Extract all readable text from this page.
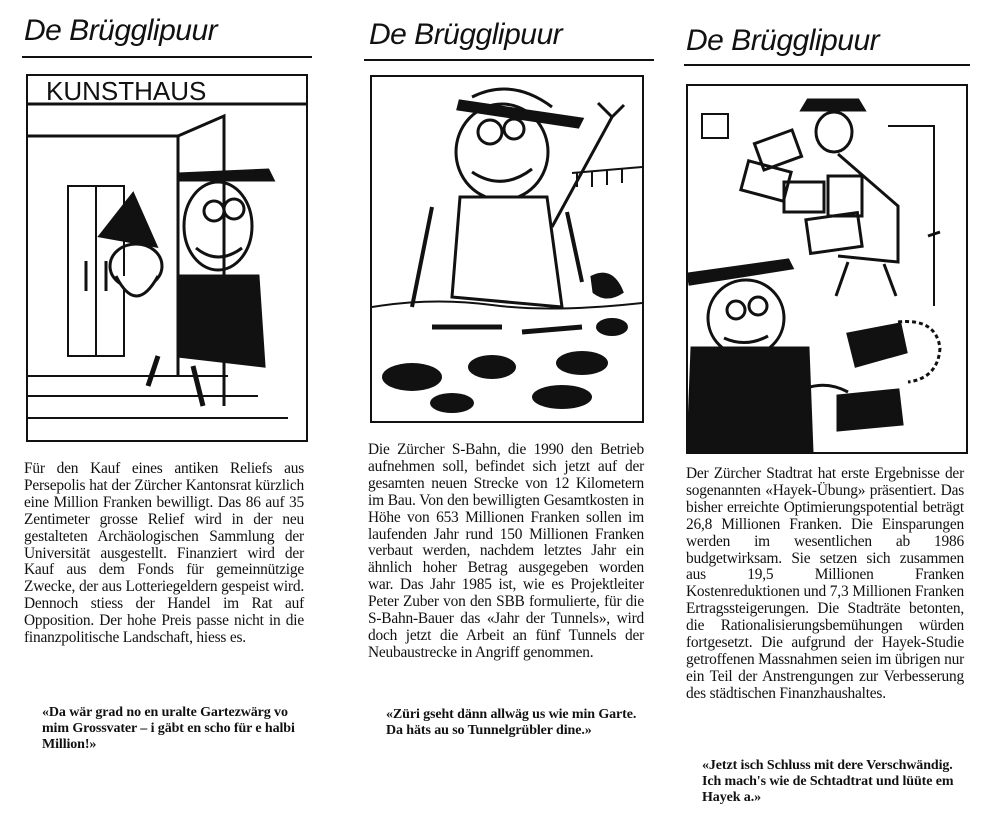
De Brügglipuur
KUNSTHAUS

Für den Kauf eines antiken Reliefs aus Persepolis hat der Zürcher Kantonsrat kürzlich eine Million Franken bewilligt. Das 86 auf 35 Zentimeter grosse Relief wird in der neu gestalteten Archäologischen Sammlung der Universität ausgestellt. Finanziert wird der Kauf aus dem Fonds für gemeinnützige Zwecke, der aus Lotteriegeldern gespeist wird. Dennoch stiess der Handel im Rat auf Opposition. Der hohe Preis passe nicht in die finanzpolitische Landschaft, hiess es.

«Da wär grad no en uralte Gartezwärg vo mim Grossvater – i gäbt en scho für e halbi Million!»

De Brügglipuur

Die Zürcher S-Bahn, die 1990 den Betrieb aufnehmen soll, befindet sich jetzt auf der gesamten neuen Strecke von 12 Kilometern im Bau. Von den bewilligten Gesamtkosten in Höhe von 653 Millionen Franken sollen im laufenden Jahr rund 150 Millionen Franken verbaut werden, nachdem letztes Jahr ein ähnlich hoher Betrag ausgegeben worden war. Das Jahr 1985 ist, wie es Projektleiter Peter Zuber von den SBB formulierte, für die S-Bahn-Bauer das «Jahr der Tunnels», wird doch jetzt die Arbeit an fünf Tunnels der Neubaustrecke in Angriff genommen.

«Züri gseht dänn allwäg us wie min Garte. Da häts au so Tunnelgrübler dine.»

De Brügglipuur

Der Zürcher Stadtrat hat erste Ergebnisse der sogenannten «Hayek-Übung» präsentiert. Das bisher erreichte Optimierungspotential beträgt 26,8 Millionen Franken. Die Einsparungen werden im wesentlichen ab 1986 budgetwirksam. Sie setzen sich zusammen aus 19,5 Millionen Franken Kostenreduktionen und 7,3 Millionen Franken Ertragssteigerungen. Die Stadträte betonten, die Rationalisierungsbemühungen würden fortgesetzt. Die aufgrund der Hayek-Studie getroffenen Massnahmen seien im übrigen nur ein Teil der Anstrengungen zur Verbesserung des städtischen Finanzhaushaltes.

«Jetzt isch Schluss mit dere Verschwändig. Ich mach's wie de Schtadtrat und lüüte em Hayek a.»
